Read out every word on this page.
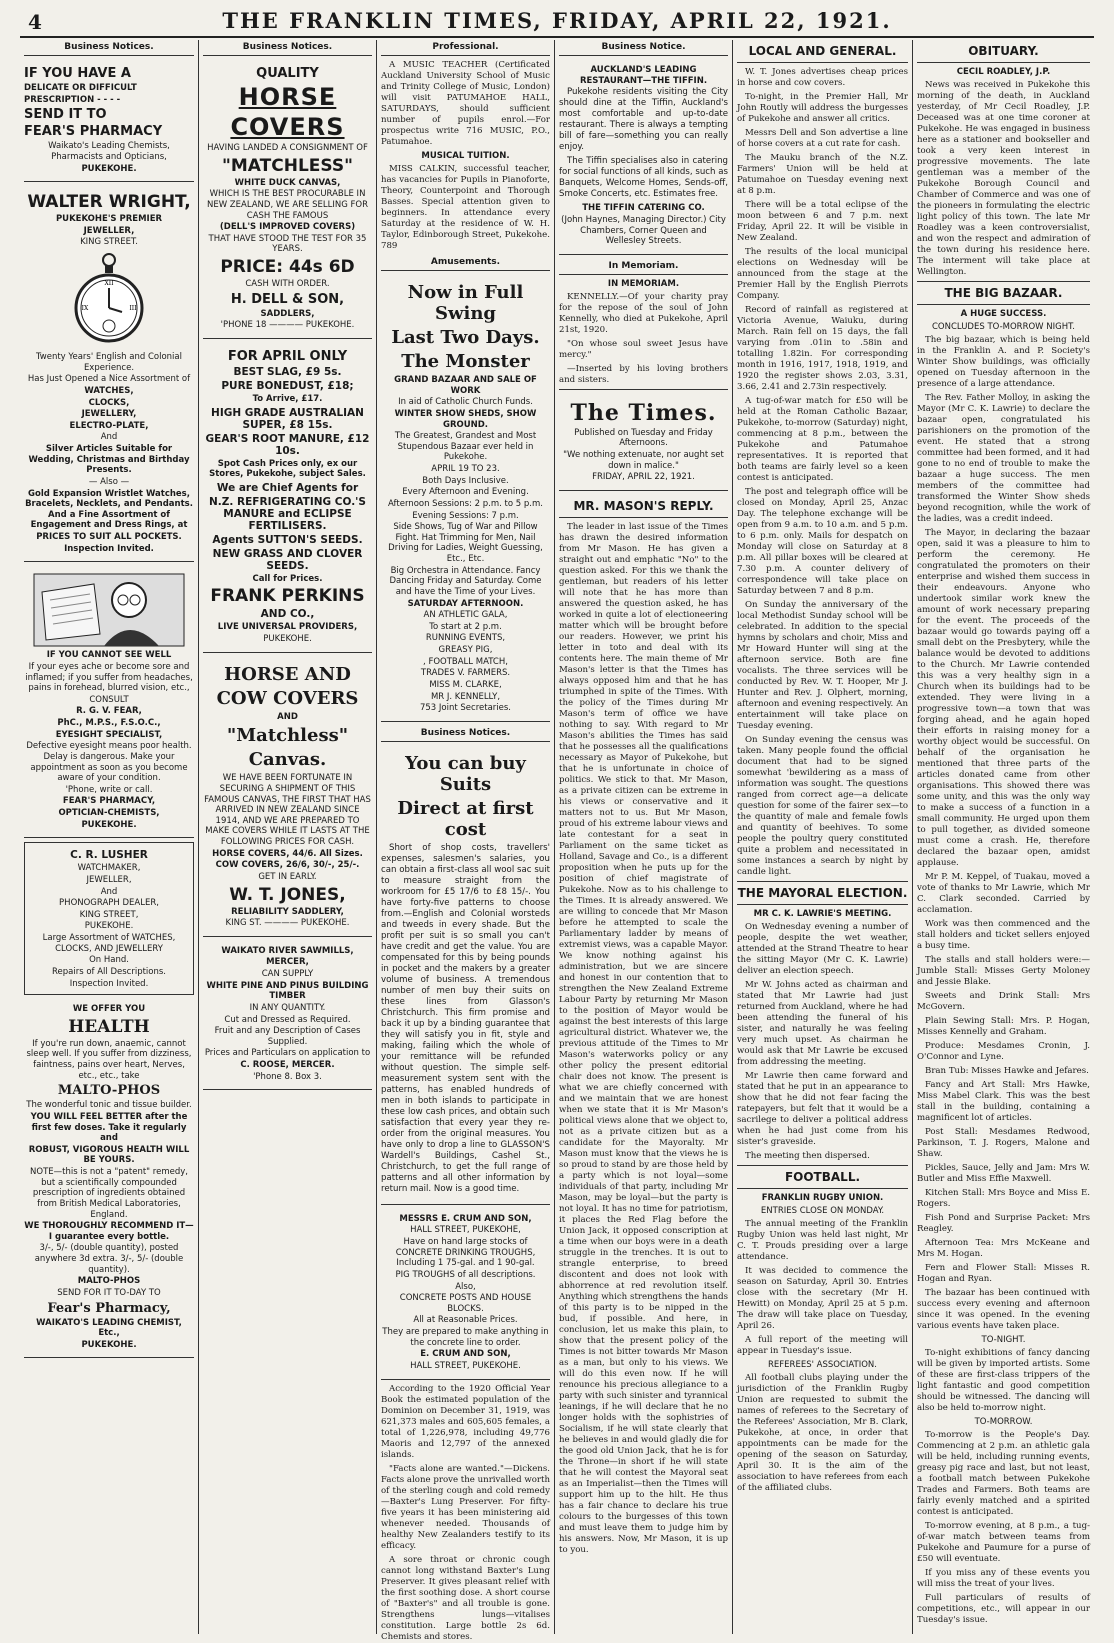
4	THE FRANKLIN TIMES, FRIDAY, APRIL 22, 1921.
Business Notices.
IF YOU HAVE A
DELICATE OR DIFFICULT
PRESCRIPTION - - - -
SEND IT TO
FEAR'S PHARMACY
Waikato's Leading Chemists, Pharmacists and Opticians,
PUKEKOHE.
WALTER WRIGHT,
PUKEKOHE'S PREMIER
JEWELLER,
KING STREET.
XII
III
IX
Twenty Years' English and Colonial Experience.
Has Just Opened a Nice Assortment of
WATCHES,
CLOCKS,
JEWELLERY,
ELECTRO-PLATE,
And
Silver Articles Suitable for Wedding, Christmas and Birthday Presents.
— Also —
Gold Expansion Wristlet Watches, Bracelets, Necklets, and Pendants. And a Fine Assortment of Engagement and Dress Rings, at
PRICES TO SUIT ALL POCKETS.
Inspection Invited.
IF YOU CANNOT SEE WELL
If your eyes ache or become sore and inflamed; if you suffer from headaches, pains in forehead, blurred vision, etc.,
CONSULT
R. G. V. FEAR,
PhC., M.P.S., F.S.O.C.,
EYESIGHT SPECIALIST,
Defective eyesight means poor health. Delay is dangerous. Make your appointment as soon as you become aware of your condition.
'Phone, write or call.
FEAR'S PHARMACY,
OPTICIAN-CHEMISTS,
PUKEKOHE.
C. R. LUSHER
WATCHMAKER,
JEWELLER,
And
PHONOGRAPH DEALER,
KING STREET,
PUKEKOHE.
Large Assortment of WATCHES, CLOCKS, AND JEWELLERY
On Hand.
Repairs of All Descriptions.
Inspection Invited.
WE OFFER YOU
HEALTH
If you're run down, anaemic, cannot sleep well. If you suffer from dizziness, faintness, pains over heart, Nerves, etc., etc., take
MALTO-PHOS
The wonderful tonic and tissue builder.
YOU WILL FEEL BETTER after the first few doses. Take it regularly and
ROBUST, VIGOROUS HEALTH WILL BE YOURS.
NOTE—this is not a "patent" remedy, but a scientifically compounded prescription of ingredients obtained from British Medical Laboratories, England.
WE THOROUGHLY RECOMMEND IT—I guarantee every bottle.
3/-, 5/- (double quantity), posted anywhere 3d extra. 3/-, 5/- (double quantity).
MALTO-PHOS
SEND FOR IT TO-DAY TO
Fear's Pharmacy,
WAIKATO'S LEADING CHEMIST, Etc.,
PUKEKOHE.
Business Notices.
QUALITY
HORSE
COVERS
HAVING LANDED A CONSIGNMENT OF
"MATCHLESS"
WHITE DUCK CANVAS,
WHICH IS THE BEST PROCURABLE IN NEW ZEALAND, WE ARE SELLING FOR CASH THE FAMOUS
(DELL'S IMPROVED COVERS)
THAT HAVE STOOD THE TEST FOR 35 YEARS.
PRICE: 44s 6D
CASH WITH ORDER.
H. DELL & SON,
SADDLERS,
'PHONE 18 ———— PUKEKOHE.
FOR APRIL ONLY
BEST SLAG, £9 5s.
PURE BONEDUST, £18;
To Arrive, £17.
HIGH GRADE AUSTRALIAN SUPER, £8 15s.
GEAR'S ROOT MANURE, £12 10s.
Spot Cash Prices only, ex our Stores, Pukekohe, subject Sales.
We are Chief Agents for
N.Z. REFRIGERATING CO.'S MANURE and ECLIPSE FERTILISERS.
Agents SUTTON'S SEEDS.
NEW GRASS AND CLOVER SEEDS.
Call for Prices.
FRANK PERKINS
AND CO.,
LIVE UNIVERSAL PROVIDERS,
PUKEKOHE.
HORSE AND
COW COVERS
AND
"Matchless"
Canvas.
WE HAVE BEEN FORTUNATE IN SECURING A SHIPMENT OF THIS FAMOUS CANVAS, THE FIRST THAT HAS ARRIVED IN NEW ZEALAND SINCE 1914, AND WE ARE PREPARED TO MAKE COVERS WHILE IT LASTS AT THE FOLLOWING PRICES FOR CASH.
HORSE COVERS, 44/6. All Sizes.
COW COVERS, 26/6, 30/-, 25/-.
GET IN EARLY.
W. T. JONES,
RELIABILITY SADDLERY,
KING ST. ———— PUKEKOHE.
WAIKATO RIVER SAWMILLS,
MERCER,
CAN SUPPLY
WHITE PINE AND PINUS BUILDING TIMBER
IN ANY QUANTITY.
Cut and Dressed as Required.
Fruit and any Description of Cases Supplied.
Prices and Particulars on application to
C. ROOSE, MERCER.
'Phone 8. Box 3.
Professional.

A MUSIC TEACHER (Certificated Auckland University School of Music and Trinity College of Music, London) will visit PATUMAHOE HALL, SATURDAYS, should sufficient number of pupils enrol.—For prospectus write 716 MUSIC, P.O., Patumahoe.

MUSICAL TUITION.

MISS CALKIN, successful teacher, has vacancies for Pupils in Pianoforte, Theory, Counterpoint and Thorough Basses. Special attention given to beginners. In attendance every Saturday at the residence of W. H. Taylor, Edinborough Street, Pukekohe. 789

Amusements.
Now in Full Swing
Last Two Days.
The Monster
GRAND BAZAAR AND SALE OF WORK
In aid of Catholic Church Funds.
WINTER SHOW SHEDS, SHOW GROUND.
The Greatest, Grandest and Most Stupendous Bazaar ever held in Pukekohe.
APRIL 19 TO 23.
Both Days Inclusive.
Every Afternoon and Evening.
Afternoon Sessions: 2 p.m. to 5 p.m.
Evening Sessions: 7 p.m.
Side Shows, Tug of War and Pillow Fight. Hat Trimming for Men, Nail Driving for Ladies, Weight Guessing, Etc., Etc.
Big Orchestra in Attendance. Fancy Dancing Friday and Saturday. Come and have the Time of your Lives.
SATURDAY AFTERNOON.
AN ATHLETIC GALA,
To start at 2 p.m.
RUNNING EVENTS,
GREASY PIG,
, FOOTBALL MATCH,
TRADES V. FARMERS.
MISS M. CLARKE,
MR J. KENNELLY,
753 Joint Secretaries.
Business Notices.
You can buy Suits
Direct at first cost

Short of shop costs, travellers' expenses, salesmen's salaries, you can obtain a first-class all wool sac suit to measure straight from the workroom for £5 17/6 to £8 15/-. You have forty-five patterns to choose from.—English and Colonial worsteds and tweeds in every shade. But the profit per suit is so small you can't have credit and get the value. You are compensated for this by being pounds in pocket and the makers by a greater volume of business. A tremendous number of men buy their suits on these lines from Glasson's Christchurch. This firm promise and back it up by a binding guarantee that they will satisfy you in fit, style and making, failing which the whole of your remittance will be refunded without question. The simple self-measurement system sent with the patterns, has enabled hundreds of men in both islands to participate in these low cash prices, and obtain such satisfaction that every year they re-order from the original measures. You have only to drop a line to GLASSON'S Wardell's Buildings, Cashel St., Christchurch, to get the full range of patterns and all other information by return mail. Now is a good time.

MESSRS E. CRUM AND SON,
HALL STREET, PUKEKOHE,
Have on hand large stocks of CONCRETE DRINKING TROUGHS, Including 1 75-gal. and 1 90-gal.
PIG TROUGHS of all descriptions.
Also,
CONCRETE POSTS AND HOUSE BLOCKS.
All at Reasonable Prices.
They are prepared to make anything in the concrete line to order.
E. CRUM AND SON,
HALL STREET, PUKEKOHE.

According to the 1920 Official Year Book the estimated population of the Dominion on December 31, 1919, was 621,373 males and 605,605 females, a total of 1,226,978, including 49,776 Maoris and 12,797 of the annexed islands.

"Facts alone are wanted."—Dickens. Facts alone prove the unrivalled worth of the sterling cough and cold remedy—Baxter's Lung Preserver. For fifty-five years it has been ministering aid whenever needed. Thousands of healthy New Zealanders testify to its efficacy.

A sore throat or chronic cough cannot long withstand Baxter's Lung Preserver. It gives pleasant relief with the first soothing dose. A short course of "Baxter's" and all trouble is gone. Strengthens lungs—vitalises constitution. Large bottle 2s 6d. Chemists and stores.

Business Notice.
AUCKLAND'S LEADING RESTAURANT—THE TIFFIN.

Pukekohe residents visiting the City should dine at the Tiffin, Auckland's most comfortable and up-to-date restaurant. There is always a tempting bill of fare—something you can really enjoy.

The Tiffin specialises also in catering for social functions of all kinds, such as Banquets, Welcome Homes, Sends-off, Smoke Concerts, etc. Estimates free.

THE TIFFIN CATERING CO.
(John Haynes, Managing Director.) City Chambers, Corner Queen and Wellesley Streets.
In Memoriam.
IN MEMORIAM.

KENNELLY.—Of your charity pray for the repose of the soul of John Kennelly, who died at Pukekohe, April 21st, 1920.

"On whose soul sweet Jesus have mercy."

—Inserted by his loving brothers and sisters.

The Times.
Published on Tuesday and Friday Afternoons.
"We nothing extenuate, nor aught set down in malice."
FRIDAY, APRIL 22, 1921.
MR. MASON'S REPLY.

The leader in last issue of the Times has drawn the desired information from Mr Mason. He has given a straight out and emphatic "No" to the question asked. For this we thank the gentleman, but readers of his letter will note that he has more than answered the question asked, he has worked in quite a lot of electioneering matter which will be brought before our readers. However, we print his letter in toto and deal with its contents here. The main theme of Mr Mason's letter is that the Times has always opposed him and that he has triumphed in spite of the Times. With the policy of the Times during Mr Mason's term of office we have nothing to say. With regard to Mr Mason's abilities the Times has said that he possesses all the qualifications necessary as Mayor of Pukekohe, but that he is unfortunate in choice of politics. We stick to that. Mr Mason, as a private citizen can be extreme in his views or conservative and it matters not to us. But Mr Mason, proud of his extreme labour views and late contestant for a seat in Parliament on the same ticket as Holland, Savage and Co., is a different proposition when he puts up for the position of chief magistrate of Pukekohe. Now as to his challenge to the Times. It is already answered. We are willing to concede that Mr Mason before he attempted to scale the Parliamentary ladder by means of extremist views, was a capable Mayor. We know nothing against his administration, but we are sincere and honest in our contention that to strengthen the New Zealand Extreme Labour Party by returning Mr Mason to the position of Mayor would be against the best interests of this large agricultural district. Whatever we, the previous attitude of the Times to Mr Mason's waterworks policy or any other policy the present editorial chair does not know. The present is what we are chiefly concerned with and we maintain that we are honest when we state that it is Mr Mason's political views alone that we object to, not as a private citizen but as a candidate for the Mayoralty. Mr Mason must know that the views he is so proud to stand by are those held by a party which is not loyal—some individuals of that party, including Mr Mason, may be loyal—but the party is not loyal. It has no time for patriotism, it places the Red Flag before the Union Jack, it opposed conscription at a time when our boys were in a death struggle in the trenches. It is out to strangle enterprise, to breed discontent and does not look with abhorrence at red revolution itself. Anything which strengthens the hands of this party is to be nipped in the bud, if possible. And here, in conclusion, let us make this plain, to show that the present policy of the Times is not bitter towards Mr Mason as a man, but only to his views. We will do this even now. If he will renounce his precious allegiance to a party with such sinister and tyrannical leanings, if he will declare that he no longer holds with the sophistries of Socialism, if he will state clearly that he believes in and would gladly die for the good old Union Jack, that he is for the Throne—in short if he will state that he will contest the Mayoral seat as an Imperialist—then the Times will support him up to the hilt. He thus has a fair chance to declare his true colours to the burgesses of this town and must leave them to judge him by his answers. Now, Mr Mason, it is up to you.

LOCAL AND GENERAL.

W. T. Jones advertises cheap prices in horse and cow covers.

To-night, in the Premier Hall, Mr John Routly will address the burgesses of Pukekohe and answer all critics.

Messrs Dell and Son advertise a line of horse covers at a cut rate for cash.

The Mauku branch of the N.Z. Farmers' Union will be held at Patumahoe on Tuesday evening next at 8 p.m.

There will be a total eclipse of the moon between 6 and 7 p.m. next Friday, April 22. It will be visible in New Zealand.

The results of the local municipal elections on Wednesday will be announced from the stage at the Premier Hall by the English Pierrots Company.

Record of rainfall as registered at Victoria Avenue, Waiuku, during March. Rain fell on 15 days, the fall varying from .01in to .58in and totalling 1.82in. For corresponding month in 1916, 1917, 1918, 1919, and 1920 the register shows 2.03, 3.31, 3.66, 2.41 and 2.73in respectively.

A tug-of-war match for £50 will be held at the Roman Catholic Bazaar, Pukekohe, to-morrow (Saturday) night, commencing at 8 p.m., between the Pukekohe and Patumahoe representatives. It is reported that both teams are fairly level so a keen contest is anticipated.

The post and telegraph office will be closed on Monday, April 25, Anzac Day. The telephone exchange will be open from 9 a.m. to 10 a.m. and 5 p.m. to 6 p.m. only. Mails for despatch on Monday will close on Saturday at 8 p.m. All pillar boxes will be cleared at 7.30 p.m. A counter delivery of correspondence will take place on Saturday between 7 and 8 p.m.

On Sunday the anniversary of the local Methodist Sunday school will be celebrated. In addition to the special hymns by scholars and choir, Miss and Mr Howard Hunter will sing at the afternoon service. Both are fine vocalists. The three services will be conducted by Rev. W. T. Hooper, Mr J. Hunter and Rev. J. Olphert, morning, afternoon and evening respectively. An entertainment will take place on Tuesday evening.

On Sunday evening the census was taken. Many people found the official document that had to be signed somewhat 'bewildering as a mass of information was sought. The questions ranged from correct age—a delicate question for some of the fairer sex—to the quantity of male and female fowls and quantity of beehives. To some people the poultry query constituted quite a problem and necessitated in some instances a search by night by candle light.

THE MAYORAL ELECTION.
MR C. K. LAWRIE'S MEETING.

On Wednesday evening a number of people, despite the wet weather, attended at the Strand Theatre to hear the sitting Mayor (Mr C. K. Lawrie) deliver an election speech.

Mr W. Johns acted as chairman and stated that Mr Lawrie had just returned from Auckland, where he had been attending the funeral of his sister, and naturally he was feeling very much upset. As chairman he would ask that Mr Lawrie be excused from addressing the meeting.

Mr Lawrie then came forward and stated that he put in an appearance to show that he did not fear facing the ratepayers, but felt that it would be a sacrilege to deliver a political address when he had just come from his sister's graveside.

The meeting then dispersed.

FOOTBALL.
FRANKLIN RUGBY UNION.
ENTRIES CLOSE ON MONDAY.

The annual meeting of the Franklin Rugby Union was held last night, Mr C. T. Prouds presiding over a large attendance.

It was decided to commence the season on Saturday, April 30. Entries close with the secretary (Mr H. Hewitt) on Monday, April 25 at 5 p.m. The draw will take place on Tuesday, April 26.

A full report of the meeting will appear in Tuesday's issue.

REFEREES' ASSOCIATION.

All football clubs playing under the jurisdiction of the Franklin Rugby Union are requested to submit the names of referees to the Secretary of the Referees' Association, Mr B. Clark, Pukekohe, at once, in order that appointments can be made for the opening of the season on Saturday, April 30. It is the aim of the association to have referees from each of the affiliated clubs.

OBITUARY.
CECIL ROADLEY, J.P.

News was received in Pukekohe this morning of the death, in Auckland yesterday, of Mr Cecil Roadley, J.P. Deceased was at one time coroner at Pukekohe. He was engaged in business here as a stationer and bookseller and took a very keen interest in progressive movements. The late gentleman was a member of the Pukekohe Borough Council and Chamber of Commerce and was one of the pioneers in formulating the electric light policy of this town. The late Mr Roadley was a keen controversialist, and won the respect and admiration of the town during his residence here. The interment will take place at Wellington.

THE BIG BAZAAR.
A HUGE SUCCESS.
CONCLUDES TO-MORROW NIGHT.

The big bazaar, which is being held in the Franklin A. and P. Society's Winter Show buildings, was officially opened on Tuesday afternoon in the presence of a large attendance.

The Rev. Father Molloy, in asking the Mayor (Mr C. K. Lawrie) to declare the bazaar open, congratulated his parishioners on the promotion of the event. He stated that a strong committee had been formed, and it had gone to no end of trouble to make the bazaar a huge success. The men members of the committee had transformed the Winter Show sheds beyond recognition, while the work of the ladies, was a credit indeed.

The Mayor, in declaring the bazaar open, said it was a pleasure to him to perform the ceremony. He congratulated the promoters on their enterprise and wished them success in their endeavours. Anyone who undertook similar work knew the amount of work necessary preparing for the event. The proceeds of the bazaar would go towards paying off a small debt on the Presbytery, while the balance would be devoted to additions to the Church. Mr Lawrie contended this was a very healthy sign in a Church when its buildings had to be extended. They were living in a progressive town—a town that was forging ahead, and he again hoped their efforts in raising money for a worthy object would be successful. On behalf of the organisation he mentioned that three parts of the articles donated came from other organisations. This showed there was some unity, and this was the only way to make a success of a function in a small community. He urged upon them to pull together, as divided someone must come a crash. He, therefore declared the bazaar open, amidst applause.

Mr P. M. Keppel, of Tuakau, moved a vote of thanks to Mr Lawrie, which Mr C. Clark seconded. Carried by acclamation.

Work was then commenced and the stall holders and ticket sellers enjoyed a busy time.

The stalls and stall holders were:—Jumble Stall: Misses Gerty Moloney and Jessie Blake.

Sweets and Drink Stall: Mrs McGovern.

Plain Sewing Stall: Mrs. P. Hogan, Misses Kennelly and Graham.

Produce: Mesdames Cronin, J. O'Connor and Lyne.

Bran Tub: Misses Hawke and Jefares.

Fancy and Art Stall: Mrs Hawke, Miss Mabel Clark. This was the best stall in the building, containing a magnificent lot of articles.

Post Stall: Mesdames Redwood, Parkinson, T. J. Rogers, Malone and Shaw.

Pickles, Sauce, Jelly and Jam: Mrs W. Butler and Miss Effie Maxwell.

Kitchen Stall: Mrs Boyce and Miss E. Rogers.

Fish Pond and Surprise Packet: Mrs Reagley.

Afternoon Tea: Mrs McKeane and Mrs M. Hogan.

Fern and Flower Stall: Misses R. Hogan and Ryan.

The bazaar has been continued with success every evening and afternoon since it was opened. In the evening various events have taken place.

TO-NIGHT.

To-night exhibitions of fancy dancing will be given by imported artists. Some of these are first-class trippers of the light fantastic and good competition should be witnessed. The dancing will also be held to-morrow night.

TO-MORROW.

To-morrow is the People's Day. Commencing at 2 p.m. an athletic gala will be held, including running events, greasy pig race and last, but not least, a football match between Pukekohe Trades and Farmers. Both teams are fairly evenly matched and a spirited contest is anticipated.

To-morrow evening, at 8 p.m., a tug-of-war match between teams from Pukekohe and Paumure for a purse of £50 will eventuate.

If you miss any of these events you will miss the treat of your lives.

Full particulars of results of competitions, etc., will appear in our Tuesday's issue.
